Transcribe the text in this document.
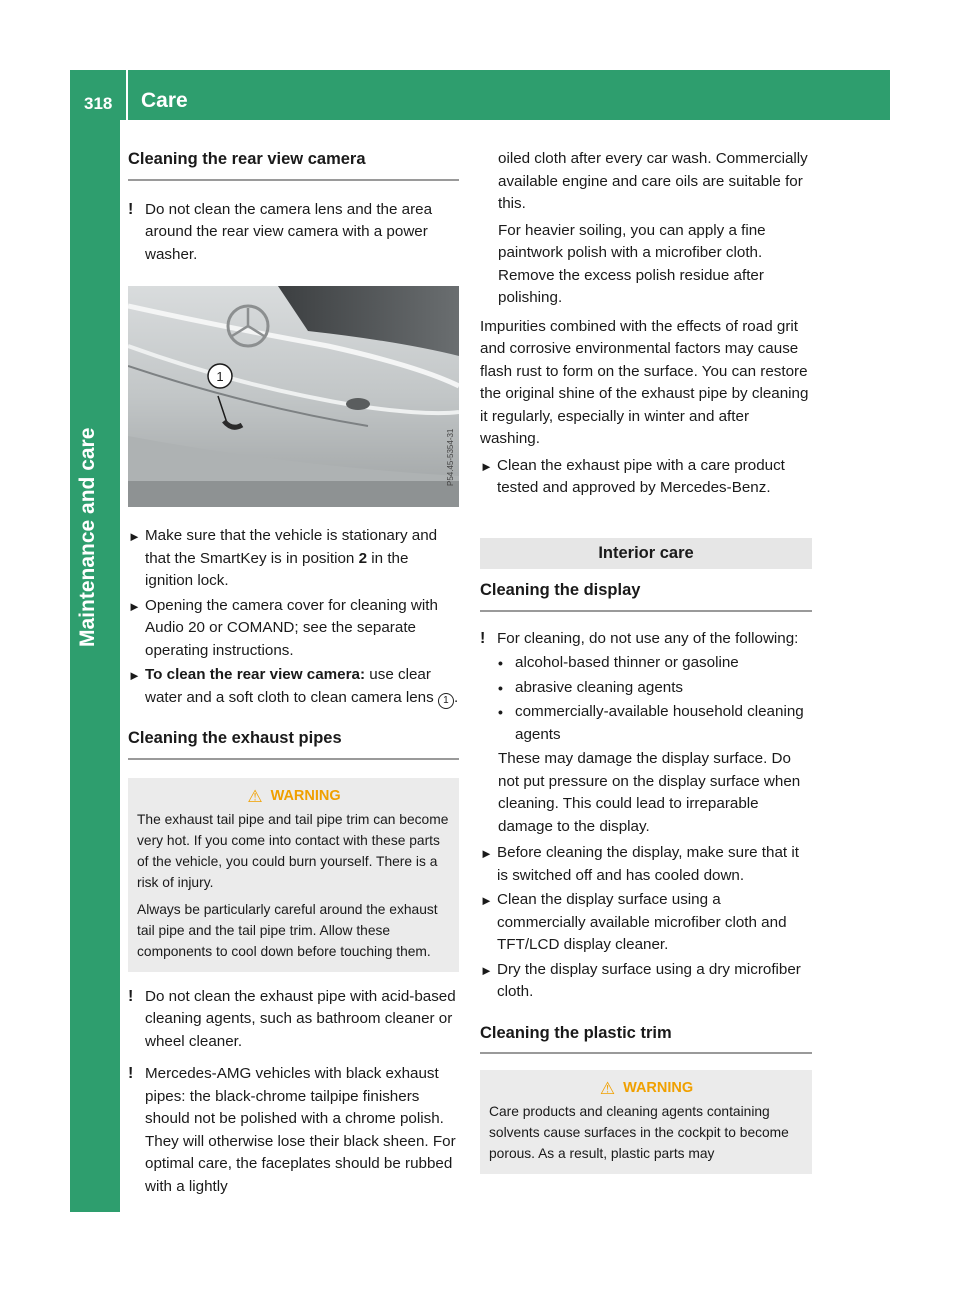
318 Care
Maintenance and care
Cleaning the rear view camera
! Do not clean the camera lens and the area around the rear view camera with a power washer.
1
P54.45-5354-31
► Make sure that the vehicle is stationary and that the SmartKey is in position 2 in the ignition lock.
► Opening the camera cover for cleaning with Audio 20 or COMAND; see the separate operating instructions.
► To clean the rear view camera: use clear water and a soft cloth to clean camera lens 1 .
Cleaning the exhaust pipes
⚠ WARNING

The exhaust tail pipe and tail pipe trim can become very hot. If you come into contact with these parts of the vehicle, you could burn yourself. There is a risk of injury.

Always be particularly careful around the exhaust tail pipe and the tail pipe trim. Allow these components to cool down before touching them.

! Do not clean the exhaust pipe with acid-based cleaning agents, such as bathroom cleaner or wheel cleaner.
! Mercedes-AMG vehicles with black exhaust pipes: the black-chrome tailpipe finishers should not be polished with a chrome polish. They will otherwise lose their black sheen. For optimal care, the faceplates should be rubbed with a lightly

oiled cloth after every car wash. Commercially available engine and care oils are suitable for this.

For heavier soiling, you can apply a fine paintwork polish with a microfiber cloth. Remove the excess polish residue after polishing.

Impurities combined with the effects of road grit and corrosive environmental factors may cause flash rust to form on the surface. You can restore the original shine of the exhaust pipe by cleaning it regularly, especially in winter and after washing.

► Clean the exhaust pipe with a care product tested and approved by Mercedes-Benz.
Interior care
Cleaning the display
! For cleaning, do not use any of the following:
• alcohol-based thinner or gasoline
• abrasive cleaning agents
• commercially-available household cleaning agents

These may damage the display surface. Do not put pressure on the display surface when cleaning. This could lead to irreparable damage to the display.

► Before cleaning the display, make sure that it is switched off and has cooled down.
► Clean the display surface using a commercially available microfiber cloth and TFT/LCD display cleaner.
► Dry the display surface using a dry microfiber cloth.
Cleaning the plastic trim
⚠ WARNING

Care products and cleaning agents containing solvents cause surfaces in the cockpit to become porous. As a result, plastic parts may
